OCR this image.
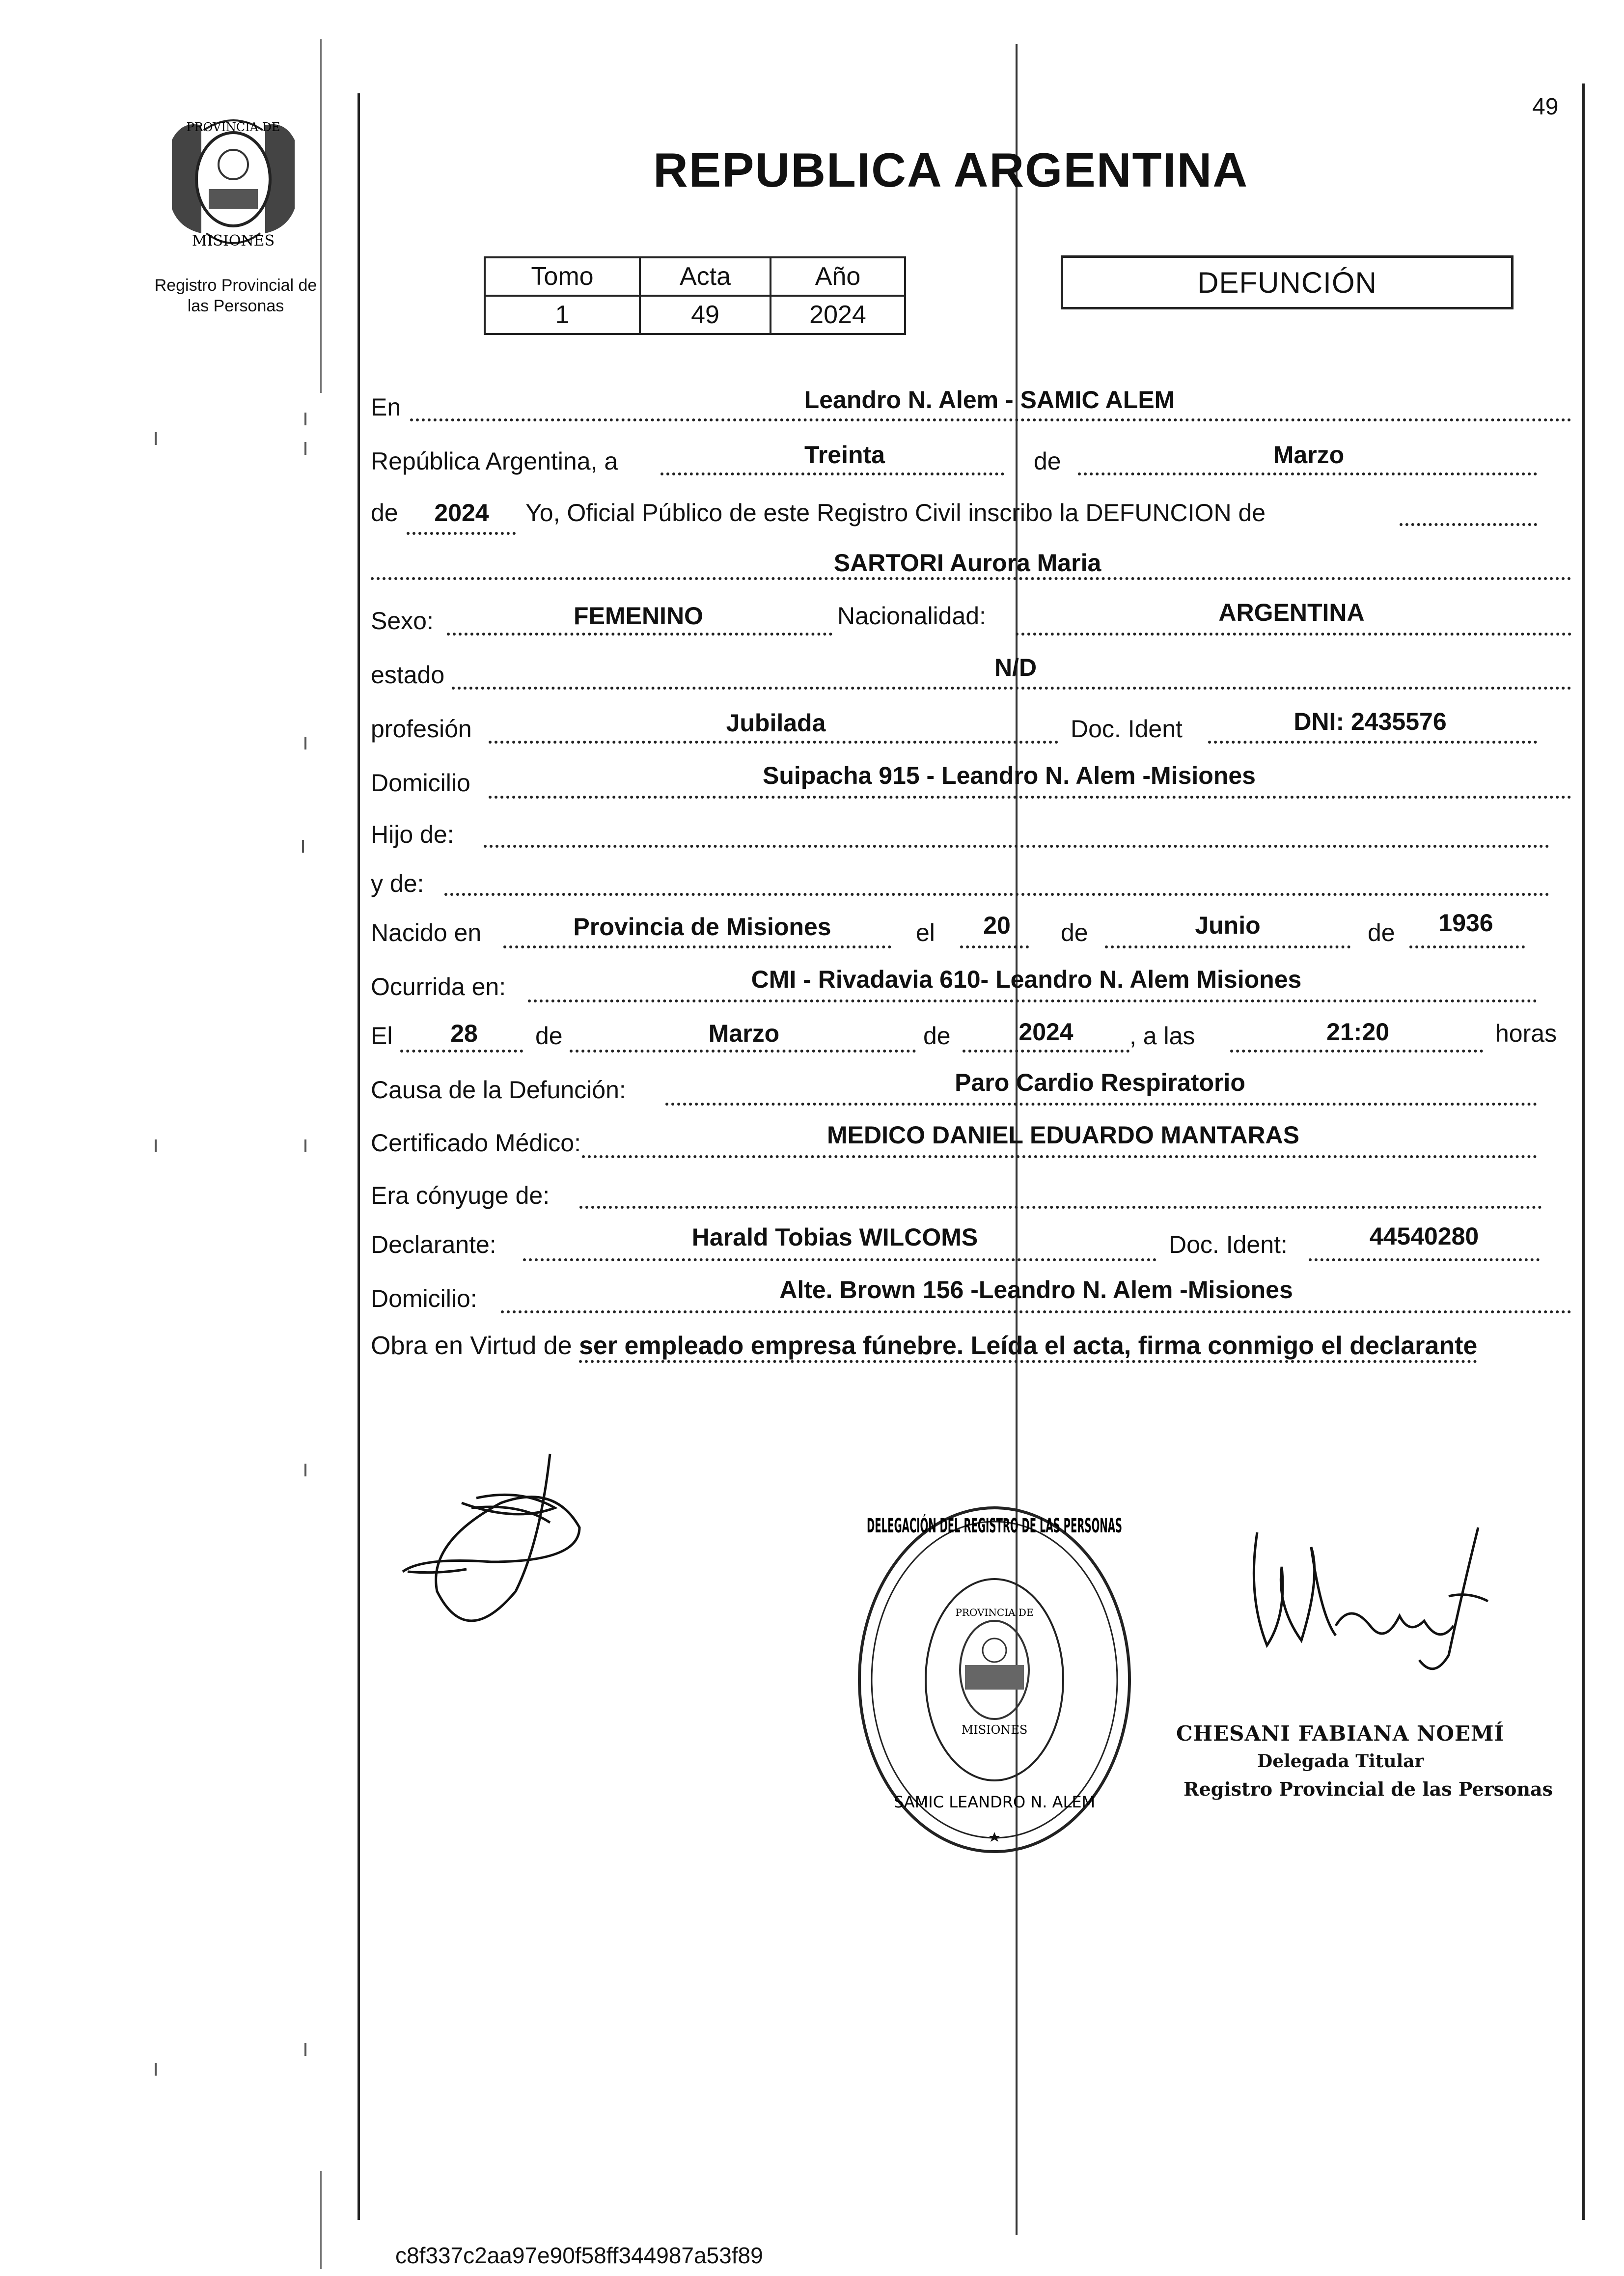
PROVINCIA DE
MISIONES
Registro Provincial de
las Personas
49
REPUBLICA ARGENTINA
Tomo	Acta	Año
1	49	2024
DEFUNCIÓN
En	Leandro N. Alem - SAMIC ALEM
República Argentina, a	Treinta	de	Marzo
de 2024 Yo, Oficial Público de este Registro Civil inscribo la DEFUNCION de
SARTORI Aurora Maria
Sexo:	FEMENINO	Nacionalidad:	ARGENTINA
estado	N/D
profesión	Jubilada	Doc. Ident	DNI: 2435576
Domicilio	Suipacha 915 - Leandro N. Alem -Misiones
Hijo de:
y de:
Nacido en	Provincia de Misiones	el 20 de	Junio	de 1936
Ocurrida en:	CMI - Rivadavia 610- Leandro N. Alem Misiones
El 28 de	Marzo	de	2024 , a las	21:20	horas
Causa de la Defunción:	Paro Cardio Respiratorio
Certificado Médico:	MEDICO DANIEL EDUARDO MANTARAS
Era cónyuge de:
Declarante:	Harald Tobias WILCOMS	Doc. Ident:	44540280
Domicilio:	Alte. Brown 156 -Leandro N. Alem -Misiones
Obra en Virtud de ser empleado empresa fúnebre. Leída el acta, firma conmigo el declarante
DELEGACIÓN DEL REGISTRO DE LAS PERSONAS
SAMIC LEANDRO N. ALEM
PROVINCIA DE
MISIONES	CHESANI FABIANA NOEMÍ
Delegada Titular
Registro Provincial de las Personas
c8f337c2aa97e90f58ff344987a53f89
